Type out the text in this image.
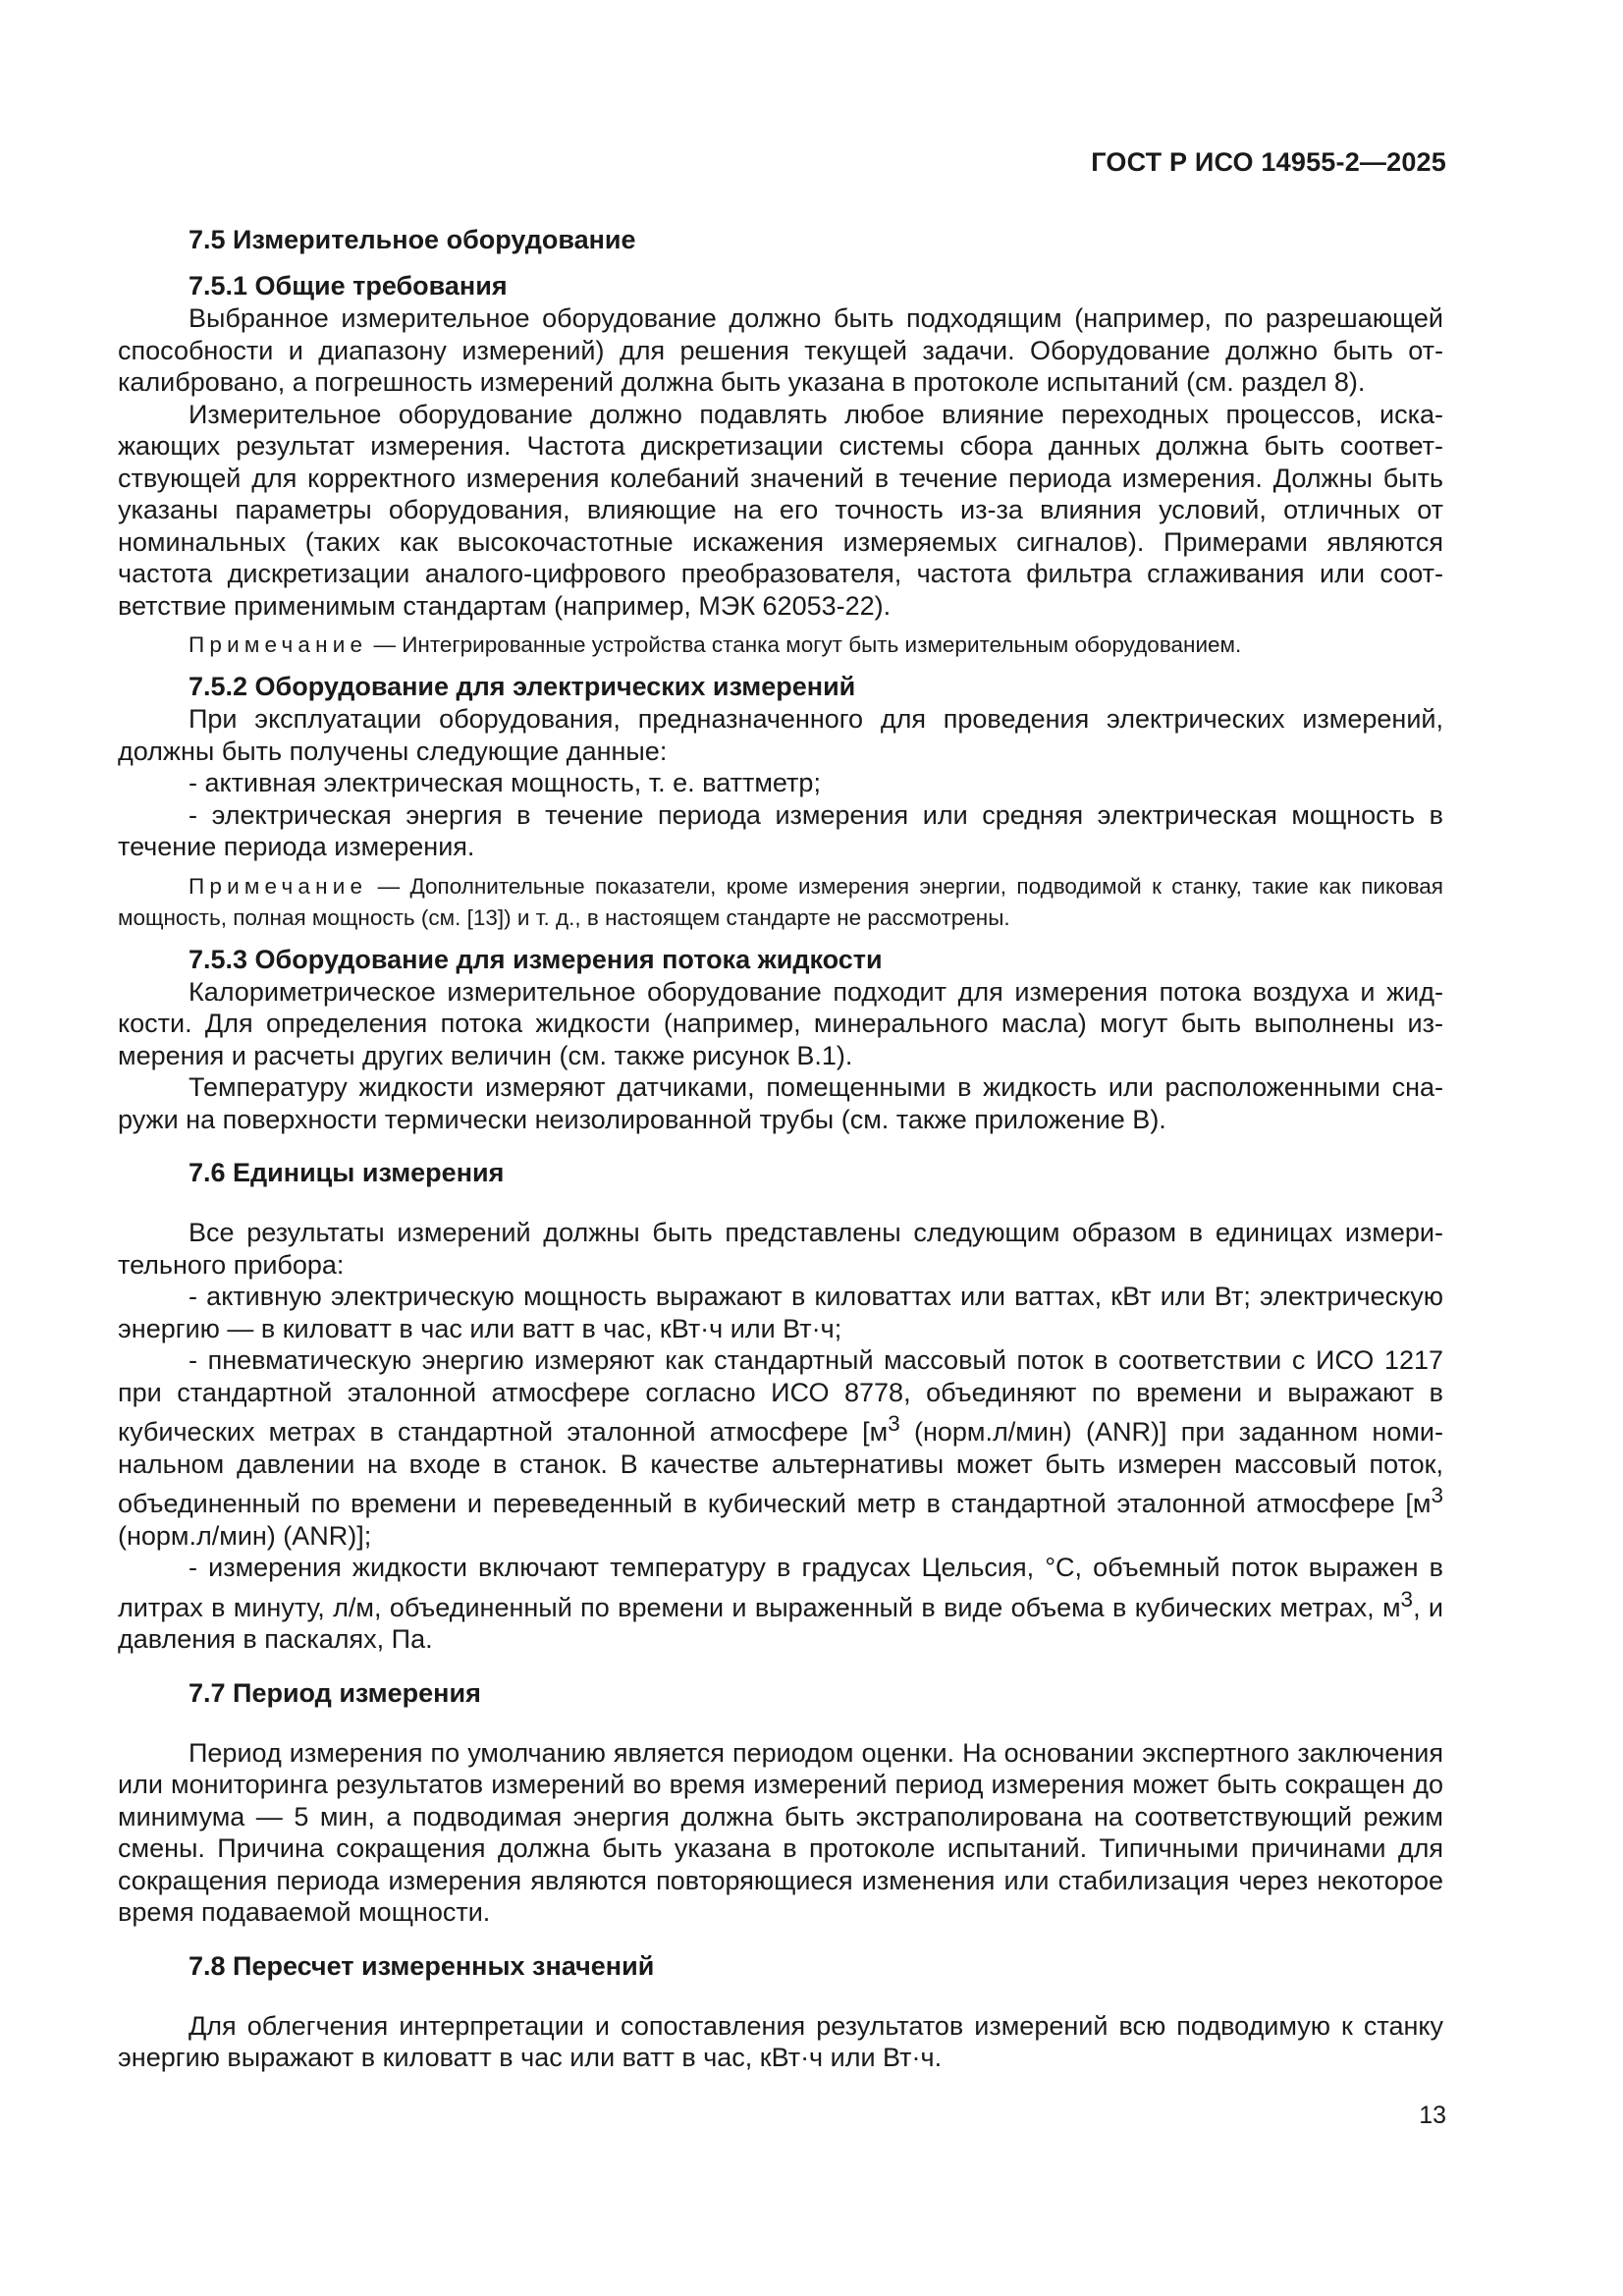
ГОСТ Р ИСО 14955-2—2025
7.5 Измерительное оборудование
7.5.1 Общие требования

Выбранное измерительное оборудование должно быть подходящим (например, по разрешающей способности и диапазону измерений) для решения текущей задачи. Оборудование должно быть откалибровано, а погрешность измерений должна быть указана в протоколе испытаний (см. раздел 8).

Измерительное оборудование должно подавлять любое влияние переходных процессов, искажающих результат измерения. Частота дискретизации системы сбора данных должна быть соответствующей для корректного измерения колебаний значений в течение периода измерения. Должны быть указаны параметры оборудования, влияющие на его точность из-за влияния условий, отличных от номинальных (таких как высокочастотные искажения измеряемых сигналов). Примерами являются частота дискретизации аналого-цифрового преобразователя, частота фильтра сглаживания или соответствие применимым стандартам (например, МЭК 62053-22).

Примечание — Интегрированные устройства станка могут быть измерительным оборудованием.
7.5.2 Оборудование для электрических измерений

При эксплуатации оборудования, предназначенного для проведения электрических измерений, должны быть получены следующие данные:

- активная электрическая мощность, т. е. ваттметр;

- электрическая энергия в течение периода измерения или средняя электрическая мощность в течение периода измерения.

Примечание — Дополнительные показатели, кроме измерения энергии, подводимой к станку, такие как пиковая мощность, полная мощность (см. [13]) и т. д., в настоящем стандарте не рассмотрены.
7.5.3 Оборудование для измерения потока жидкости

Калориметрическое измерительное оборудование подходит для измерения потока воздуха и жидкости. Для определения потока жидкости (например, минерального масла) могут быть выполнены измерения и расчеты других величин (см. также рисунок В.1).

Температуру жидкости измеряют датчиками, помещенными в жидкость или расположенными снаружи на поверхности термически неизолированной трубы (см. также приложение В).

7.6 Единицы измерения

Все результаты измерений должны быть представлены следующим образом в единицах измерительного прибора:

- активную электрическую мощность выражают в киловаттах или ваттах, кВт или Вт; электрическую энергию — в киловатт в час или ватт в час, кВт·ч или Вт·ч;

- пневматическую энергию измеряют как стандартный массовый поток в соответствии с ИСО 1217 при стандартной эталонной атмосфере согласно ИСО 8778, объединяют по времени и выражают в кубических метрах в стандартной эталонной атмосфере [$м^3$ (норм.л/мин) (ANR)] при заданном номинальном давлении на входе в станок. В качестве альтернативы может быть измерен массовый поток, объединенный по времени и переведенный в кубический метр в стандартной эталонной атмосфере [$м^3$ (норм.л/мин) (ANR)];

- измерения жидкости включают температуру в градусах Цельсия, °С, объемный поток выражен в литрах в минуту, л/м, объединенный по времени и выраженный в виде объема в кубических метрах, $м^3$, и давления в паскалях, Па.

7.7 Период измерения

Период измерения по умолчанию является периодом оценки. На основании экспертного заключения или мониторинга результатов измерений во время измерений период измерения может быть сокращен до минимума — 5 мин, а подводимая энергия должна быть экстраполирована на соответствующий режим смены. Причина сокращения должна быть указана в протоколе испытаний. Типичными причинами для сокращения периода измерения являются повторяющиеся изменения или стабилизация через некоторое время подаваемой мощности.

7.8 Пересчет измеренных значений

Для облегчения интерпретации и сопоставления результатов измерений всю подводимую к станку энергию выражают в киловатт в час или ватт в час, кВт·ч или Вт·ч.

13
